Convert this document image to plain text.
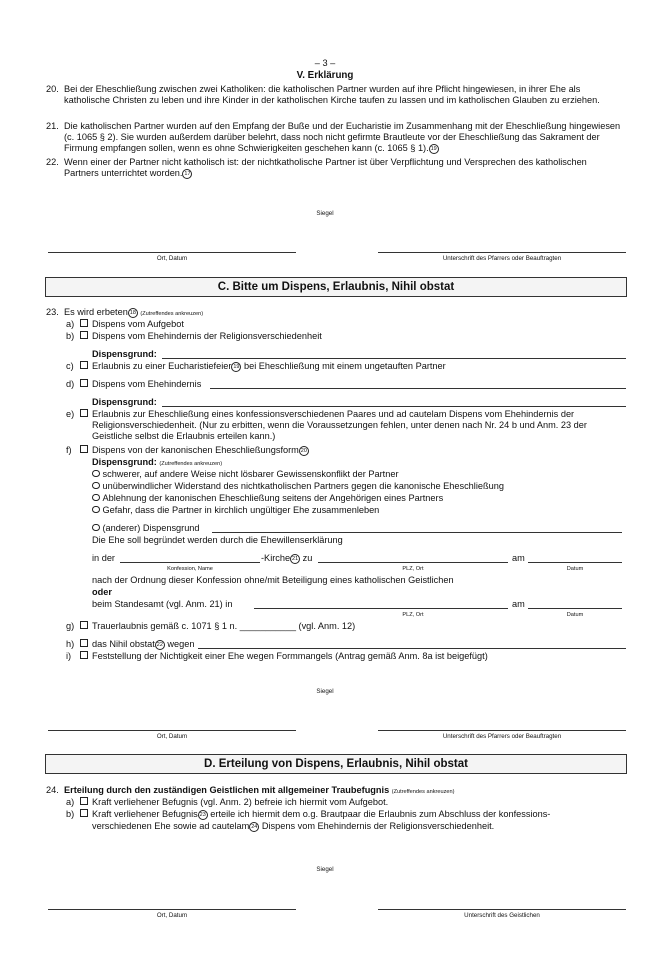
– 3 –
V. Erklärung
20. Bei der Eheschließung zwischen zwei Katholiken: die katholischen Partner wurden auf ihre Pflicht hingewiesen, in ihrer Ehe als katholische Christen zu leben und ihre Kinder in der katholischen Kirche taufen zu lassen und im katholischen Glauben zu erziehen.
21. Die katholischen Partner wurden auf den Empfang der Buße und der Eucharistie im Zusammenhang mit der Eheschließung hingewiesen (c. 1065 § 2). Sie wurden außerdem darüber belehrt, dass noch nicht gefirmte Brautleute vor der Eheschließung das Sakrament der Firmung empfangen sollen, wenn es ohne Schwierigkeiten geschehen kann (c. 1065 § 1). 19
22. Wenn einer der Partner nicht katholisch ist: der nichtkatholische Partner ist über Verpflichtung und Versprechen des katholischen Partners unterrichtet worden. 17
Siegel
Ort, Datum	Unterschrift des Pfarrers oder Beauftragten
C. Bitte um Dispens, Erlaubnis, Nihil obstat
23. Es wird erbeten 18 (Zutreffendes ankreuzen)
a)	Dispens vom Aufgebot
b)	Dispens vom Ehehindernis der Religionsverschiedenheit
Dispensgrund:
c)	Erlaubnis zu einer Eucharistiefeier 19 bei Eheschließung mit einem ungetauften Partner
d)	Dispens vom Ehehindernis
Dispensgrund:
e) Erlaubnis zur Eheschließung eines konfessionsverschiedenen Paares und ad cautelam Dispens vom Ehehindernis der Religionsverschiedenheit. (Nur zu erbitten, wenn die Voraussetzungen fehlen, unter denen nach Nr. 24 b und Anm. 23 der Geistliche selbst die Erlaubnis erteilen kann.)
f)	Dispens von der kanonischen Eheschließungsform 20
Dispensgrund: (Zutreffendes ankreuzen)
schwerer, auf andere Weise nicht lösbarer Gewissenskonflikt der Partner
unüberwindlicher Widerstand des nichtkatholischen Partners gegen die kanonische Eheschließung
Ablehnung der kanonischen Eheschließung seitens der Angehörigen eines Partners
Gefahr, dass die Partner in kirchlich ungültiger Ehe zusammenleben
(anderer) Dispensgrund
Die Ehe soll begründet werden durch die Ehewillenserklärung
in der	-Kirche 21 zu	am
Konfession, Name	PLZ, Ort	Datum
nach der Ordnung dieser Konfession ohne/mit Beteiligung eines katholischen Geistlichen
oder
beim Standesamt (vgl. Anm. 21) in	am
PLZ, Ort	Datum
g)	Trauerlaubnis gemäß c. 1071 § 1 n. ___________ (vgl. Anm. 12)
h)	das Nihil obstat 22 wegen
i)	Feststellung der Nichtigkeit einer Ehe wegen Formmangels (Antrag gemäß Anm. 8a ist beigefügt)
Siegel
Ort, Datum	Unterschrift des Pfarrers oder Beauftragten
D. Erteilung von Dispens, Erlaubnis, Nihil obstat
24. Erteilung durch den zuständigen Geistlichen mit allgemeiner Traubefugnis (Zutreffendes ankreuzen)
a)	Kraft verliehener Befugnis (vgl. Anm. 2) befreie ich hiermit vom Aufgebot.
b)	Kraft verliehener Befugnis 23 erteile ich hiermit dem o.g. Brautpaar die Erlaubnis zum Abschluss der konfessions-
verschiedenen Ehe sowie ad cautelam 24 Dispens vom Ehehindernis der Religionsverschiedenheit.
Siegel
Ort, Datum	Unterschrift des Geistlichen
